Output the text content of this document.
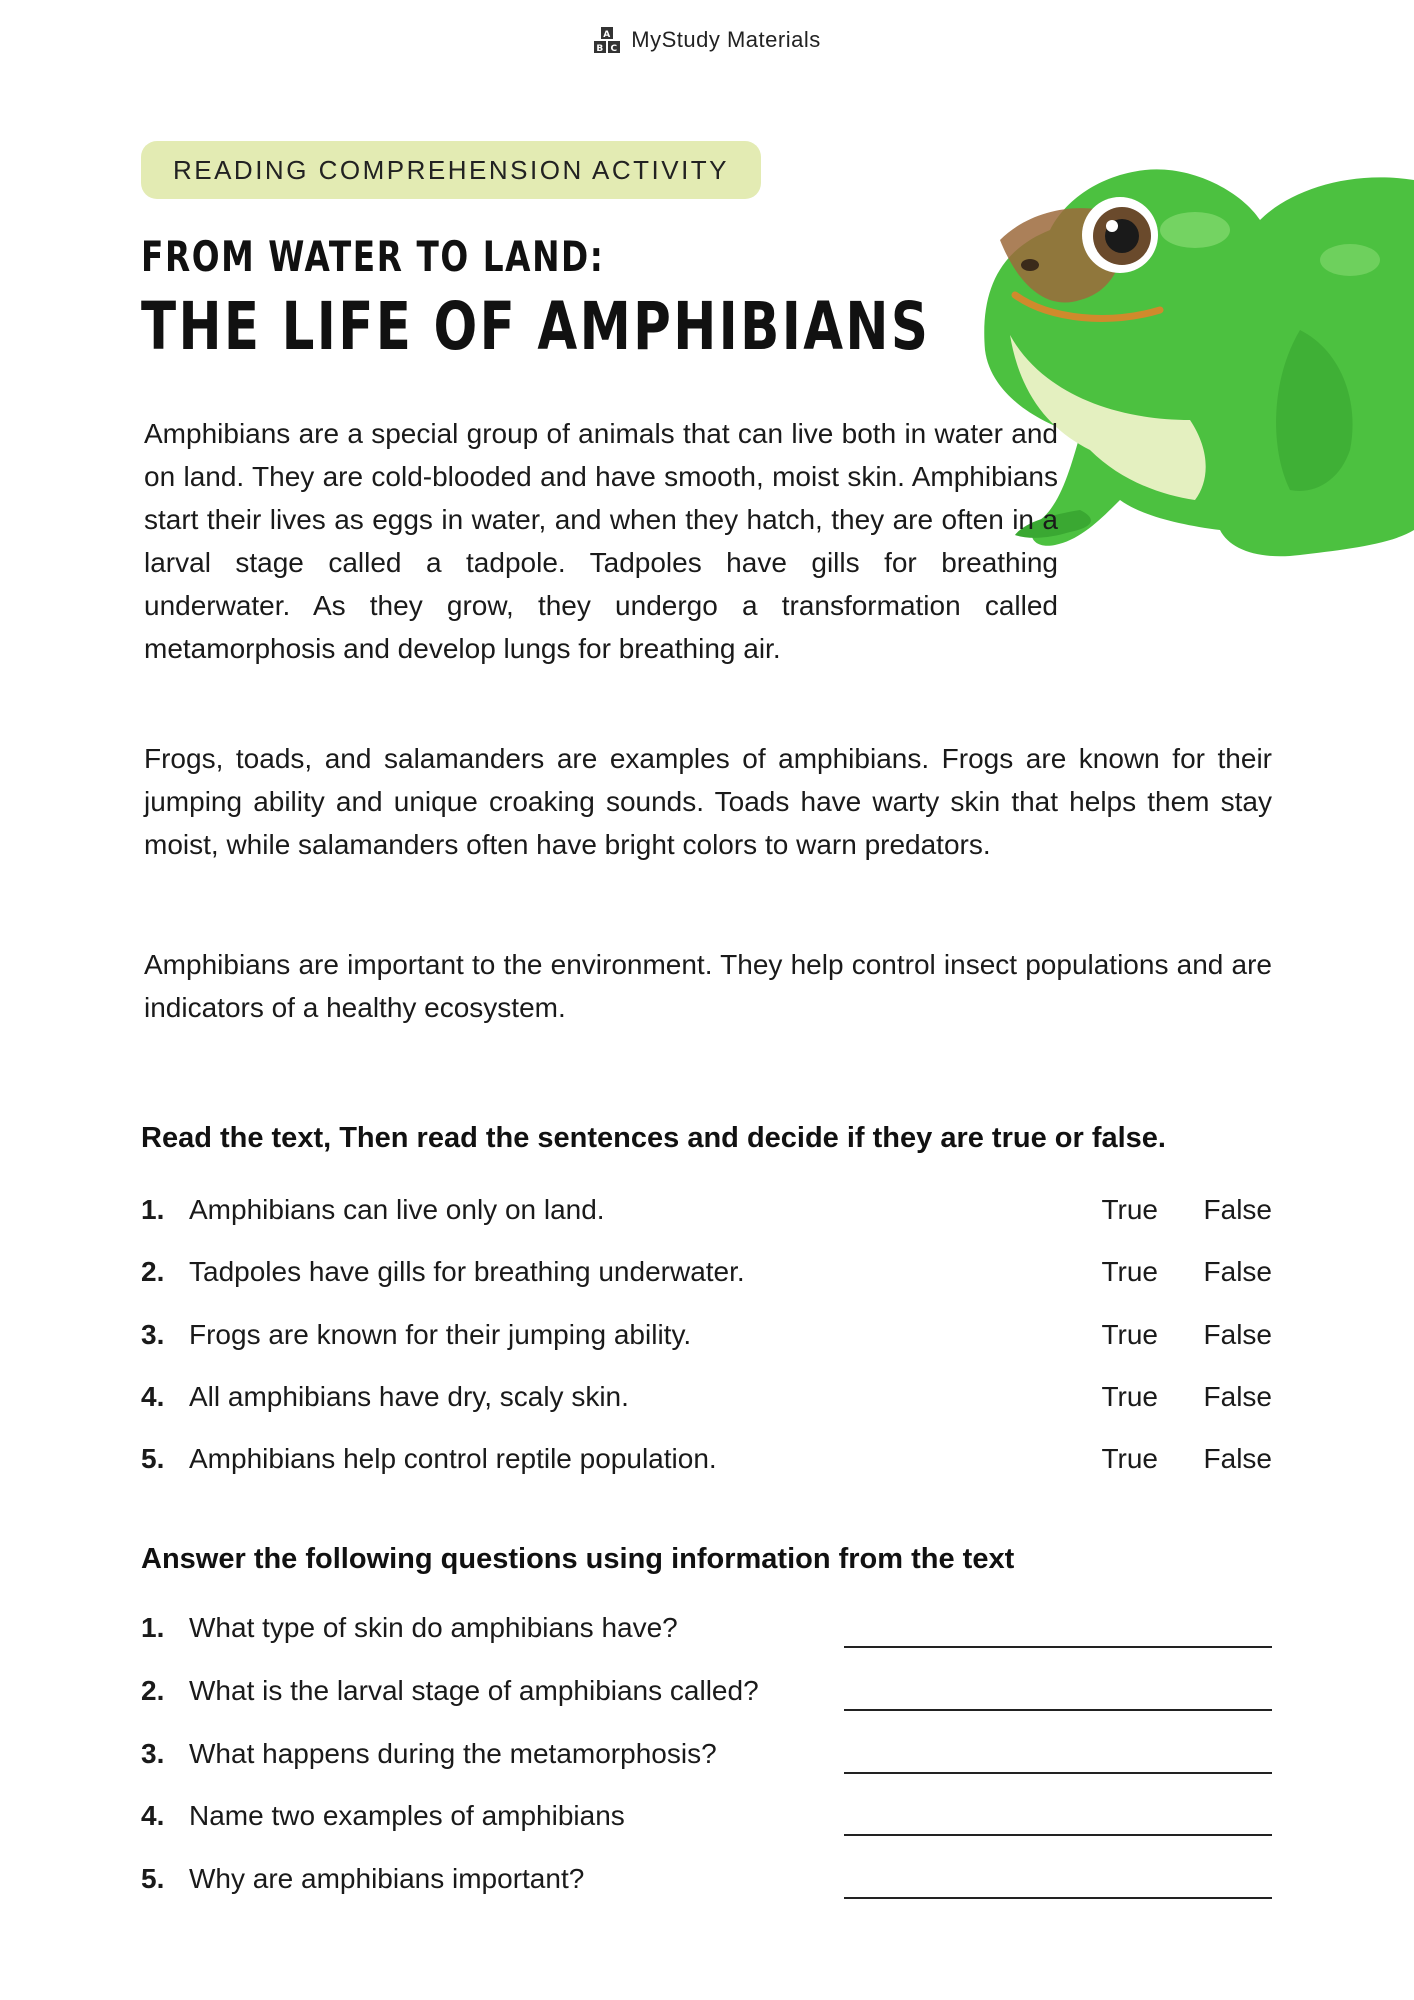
A
B C MyStudy Materials
READING COMPREHENSION ACTIVITY
FROM WATER TO LAND:
THE LIFE OF AMPHIBIANS

Amphibians are a special group of animals that can live both in water and on land. They are cold-blooded and have smooth, moist skin. Amphibians start their lives as eggs in water, and when they hatch, they are often in a larval stage called a tadpole. Tadpoles have gills for breathing underwater. As they grow, they undergo a transformation called metamorphosis and develop lungs for breathing air.

Frogs, toads, and salamanders are examples of amphibians. Frogs are known for their jumping ability and unique croaking sounds. Toads have warty skin that helps them stay moist, while salamanders often have bright colors to warn predators.

Amphibians are important to the environment. They help control insect populations and are indicators of a healthy ecosystem.

Read the text, Then read the sentences and decide if they are true or false.
1. Amphibians can live only on land.	True False
2. Tadpoles have gills for breathing underwater.	True False
3. Frogs are known for their jumping ability.	True False
4. All amphibians have dry, scaly skin.	True False
5. Amphibians help control reptile population.	True False
Answer the following questions using information from the text
1. What type of skin do amphibians have?
2. What is the larval stage of amphibians called?
3. What happens during the metamorphosis?
4. Name two examples of amphibians
5. Why are amphibians important?
